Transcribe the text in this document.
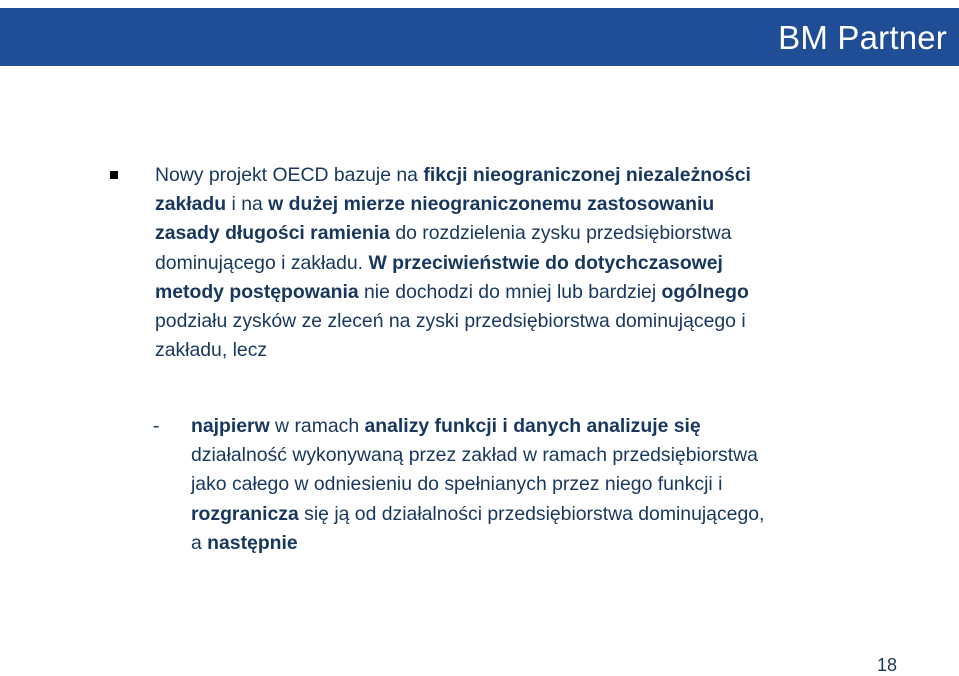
BM Partner
Nowy projekt OECD bazuje na fikcji nieograniczonej niezależności
zakładu i na w dużej mierze nieograniczonemu zastosowaniu
zasady długości ramienia do rozdzielenia zysku przedsiębiorstwa
dominującego i zakładu. W przeciwieństwie do dotychczasowej
metody postępowania nie dochodzi do mniej lub bardziej ogólnego
podziału zysków ze zleceń na zyski przedsiębiorstwa dominującego i
zakładu, lecz
- najpierw w ramach analizy funkcji i danych analizuje się
działalność wykonywaną przez zakład w ramach przedsiębiorstwa
jako całego w odniesieniu do spełnianych przez niego funkcji i
rozgranicza się ją od działalności przedsiębiorstwa dominującego,
a następnie
18
